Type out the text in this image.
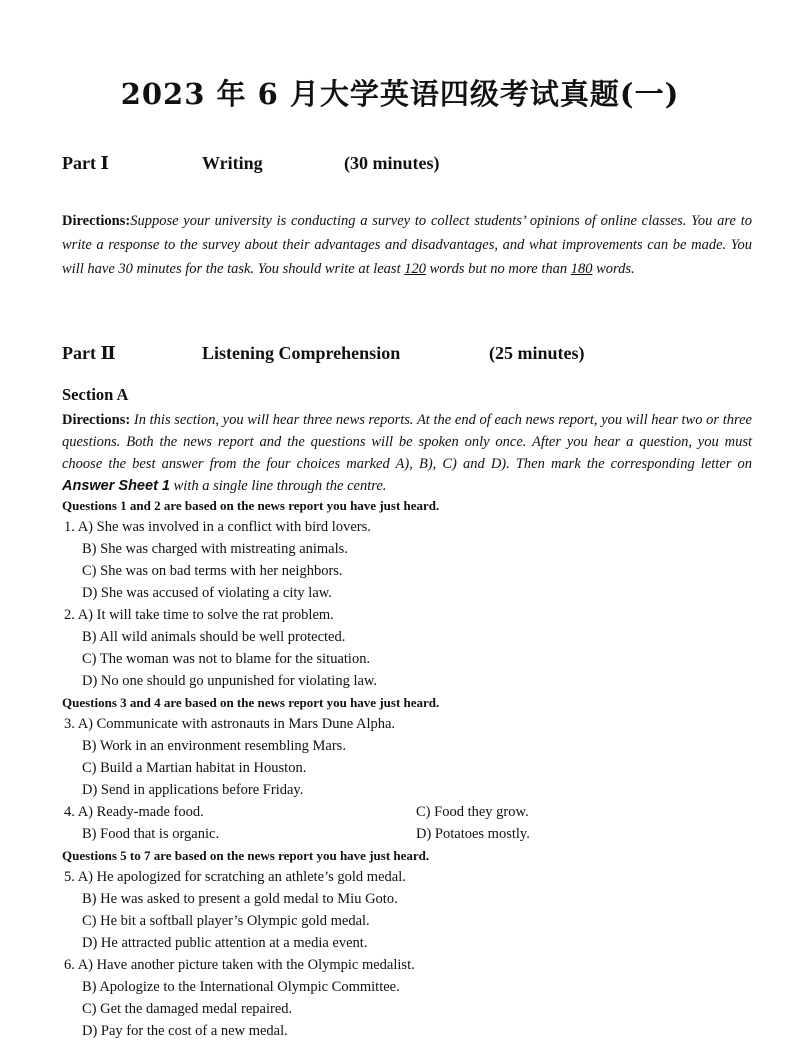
2023 年 6 月大学英语四级考试真题(一)
Part Ⅰ	Writing	(30 minutes)
Directions:Suppose your university is conducting a survey to collect students’ opinions of online classes. You are to write a response to the survey about their advantages and disadvantages, and what improvements can be made. You will have 30 minutes for the task. You should write at least 120 words but no more than 180 words.
Part Ⅱ	Listening Comprehension	(25 minutes)
Section A
Directions: In this section, you will hear three news reports. At the end of each news report, you will hear two or three questions. Both the news report and the questions will be spoken only once. After you hear a question, you must choose the best answer from the four choices marked A), B), C) and D). Then mark the corresponding letter on Answer Sheet 1 with a single line through the centre.
Questions 1 and 2 are based on the news report you have just heard.
1. A) She was involved in a conflict with bird lovers.
B) She was charged with mistreating animals.
C) She was on bad terms with her neighbors.
D) She was accused of violating a city law.
2. A) It will take time to solve the rat problem.
B) All wild animals should be well protected.
C) The woman was not to blame for the situation.
D) No one should go unpunished for violating law.
Questions 3 and 4 are based on the news report you have just heard.
3. A) Communicate with astronauts in Mars Dune Alpha.
B) Work in an environment resembling Mars.
C) Build a Martian habitat in Houston.
D) Send in applications before Friday.
4. A) Ready-made food.	C) Food they grow.
B) Food that is organic.	D) Potatoes mostly.
Questions 5 to 7 are based on the news report you have just heard.
5. A) He apologized for scratching an athlete’s gold medal.
B) He was asked to present a gold medal to Miu Goto.
C) He bit a softball player’s Olympic gold medal.
D) He attracted public attention at a media event.
6. A) Have another picture taken with the Olympic medalist.
B) Apologize to the International Olympic Committee.
C) Get the damaged medal repaired.
D) Pay for the cost of a new medal.
